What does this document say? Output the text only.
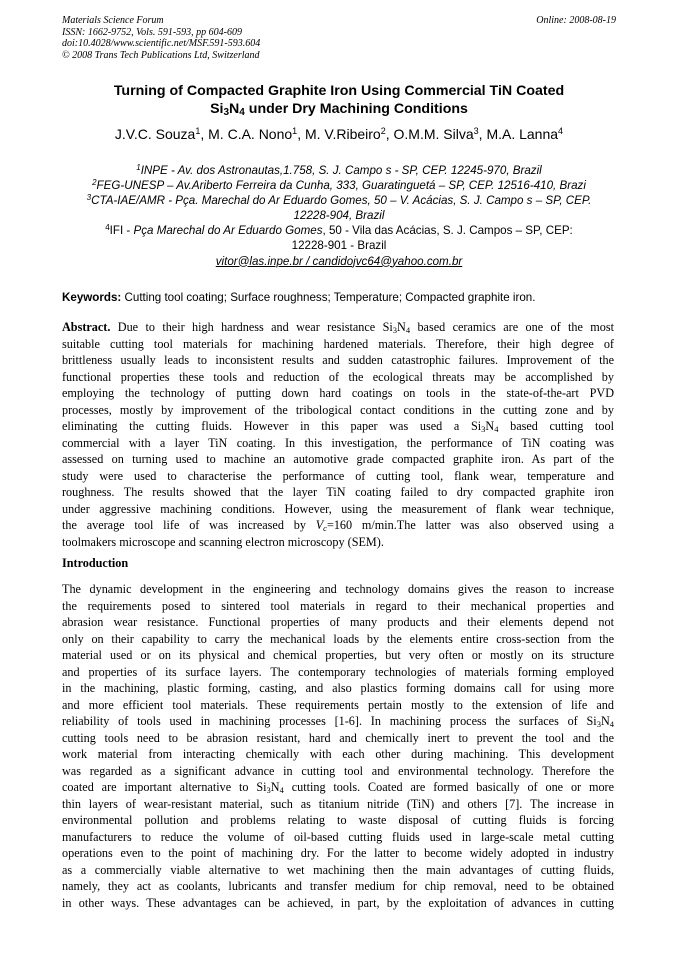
Materials Science Forum
ISSN: 1662-9752, Vols. 591-593, pp 604-609
doi:10.4028/www.scientific.net/MSF.591-593.604
© 2008 Trans Tech Publications Ltd, Switzerland
Online: 2008-08-19
Turning of Compacted Graphite Iron Using Commercial TiN Coated
$Si_3N_4$ under Dry Machining Conditions
J.V.C. Souza$^1$, M. C.A. Nono$^1$, M. V.Ribeiro$^2$, O.M.M. Silva$^3$, M.A. Lanna$^4$
$^1$INPE - Av. dos Astronautas,1.758, S. J. Campo s - SP, CEP. 12245-970, Brazil
$^2$FEG-UNESP – Av.Ariberto Ferreira da Cunha, 333, Guaratinguetá – SP, CEP. 12516-410, Brazi
$^3$CTA-IAE/AMR - Pça. Marechal do Ar Eduardo Gomes, 50 – V. Acácias, S. J. Campo s – SP, CEP.
12228-904, Brazil
$^4$IFI - Pça Marechal do Ar Eduardo Gomes, 50 - Vila das Acácias, S. J. Campos – SP, CEP:
12228-901 - Brazil
vitor@las.inpe.br / candidojvc64@yahoo.com.br
Keywords: Cutting tool coating; Surface roughness; Temperature; Compacted graphite iron.
Abstract. Due to their high hardness and wear resistance $Si_3N_4$ based ceramics are one of the most
suitable cutting tool materials for machining hardened materials. Therefore, their high degree of
brittleness usually leads to inconsistent results and sudden catastrophic failures. Improvement of the
functional properties these tools and reduction of the ecological threats may be accomplished by
employing the technology of putting down hard coatings on tools in the state-of-the-art PVD
processes, mostly by improvement of the tribological contact conditions in the cutting zone and by
eliminating the cutting fluids. However in this paper was used a $Si_3N_4$ based cutting tool
commercial with a layer TiN coating. In this investigation, the performance of TiN coating was
assessed on turning used to machine an automotive grade compacted graphite iron. As part of the
study were used to characterise the performance of cutting tool, flank wear, temperature and
roughness. The results showed that the layer TiN coating failed to dry compacted graphite iron
under aggressive machining conditions. However, using the measurement of flank wear technique,
the average tool life of was increased by $V_c=160$ m/min.The latter was also observed using a
toolmakers microscope and scanning electron microscopy (SEM).
Introduction
The dynamic development in the engineering and technology domains gives the reason to increase
the requirements posed to sintered tool materials in regard to their mechanical properties and
abrasion wear resistance. Functional properties of many products and their elements depend not
only on their capability to carry the mechanical loads by the elements entire cross-section from the
material used or on its physical and chemical properties, but very often or mostly on its structure
and properties of its surface layers. The contemporary technologies of materials forming employed
in the machining, plastic forming, casting, and also plastics forming domains call for using more
and more efficient tool materials. These requirements pertain mostly to the extension of life and
reliability of tools used in machining processes [1-6]. In machining process the surfaces of $Si_3N_4$
cutting tools need to be abrasion resistant, hard and chemically inert to prevent the tool and the
work material from interacting chemically with each other during machining. This development
was regarded as a significant advance in cutting tool and environmental technology. Therefore the
coated are important alternative to $Si_3N_4$ cutting tools. Coated are formed basically of one or more
thin layers of wear-resistant material, such as titanium nitride (TiN) and others [7]. The increase in
environmental pollution and problems relating to waste disposal of cutting fluids is forcing
manufacturers to reduce the volume of oil-based cutting fluids used in large-scale metal cutting
operations even to the point of machining dry. For the latter to become widely adopted in industry
as a commercially viable alternative to wet machining then the main advantages of cutting fluids,
namely, they act as coolants, lubricants and transfer medium for chip removal, need to be obtained
in other ways. These advantages can be achieved, in part, by the exploitation of advances in cutting
